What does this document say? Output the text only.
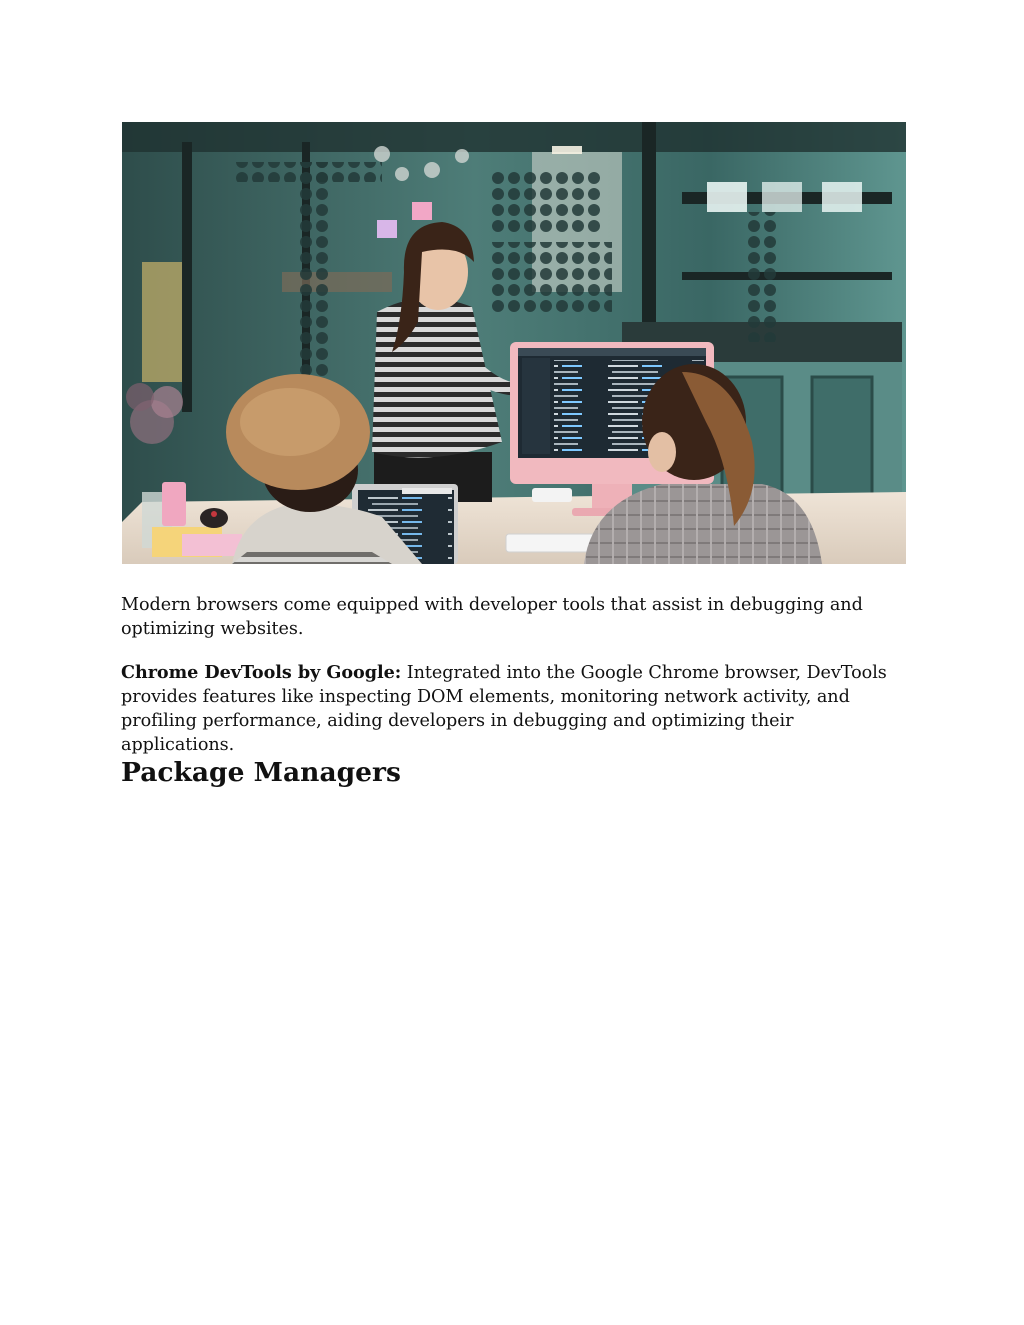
Modern browsers come equipped with developer tools that assist in debugging and optimizing websites.

Chrome DevTools by Google: Integrated into the Google Chrome browser, DevTools provides features like inspecting DOM elements, monitoring network activity, and profiling performance, aiding developers in debugging and optimizing their applications.

Package Managers
